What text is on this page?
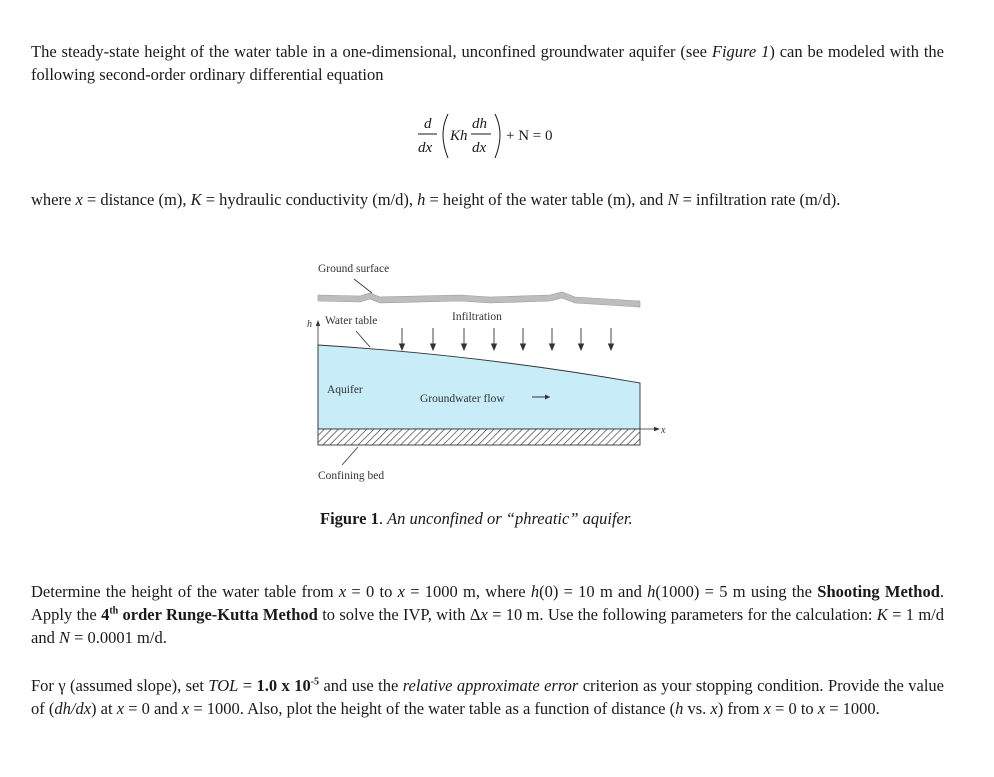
The steady-state height of the water table in a one-dimensional, unconfined groundwater aquifer (see Figure 1) can be modeled with the following second-order ordinary differential equation
d
dx
Kh
dh
dx
+ N = 0
where x = distance (m), K = hydraulic conductivity (m/d), h = height of the water table (m), and N = infiltration rate (m/d).
Ground surface
Aquifer
Groundwater flow
Water table	Infiltration
h
Confining bed
x
Figure 1. An unconfined or “phreatic” aquifer.
Determine the height of the water table from x = 0 to x = 1000 m, where h(0) = 10 m and h(1000) = 5 m using the Shooting Method. Apply the 4th order Runge-Kutta Method to solve the IVP, with Δx = 10 m. Use the following parameters for the calculation: K = 1 m/d and N = 0.0001 m/d.
For γ (assumed slope), set TOL = 1.0 x $10^{-5}$ and use the relative approximate error criterion as your stopping condition. Provide the value of (dh/dx) at x = 0 and x = 1000. Also, plot the height of the water table as a function of distance (h vs. x) from x = 0 to x = 1000.
